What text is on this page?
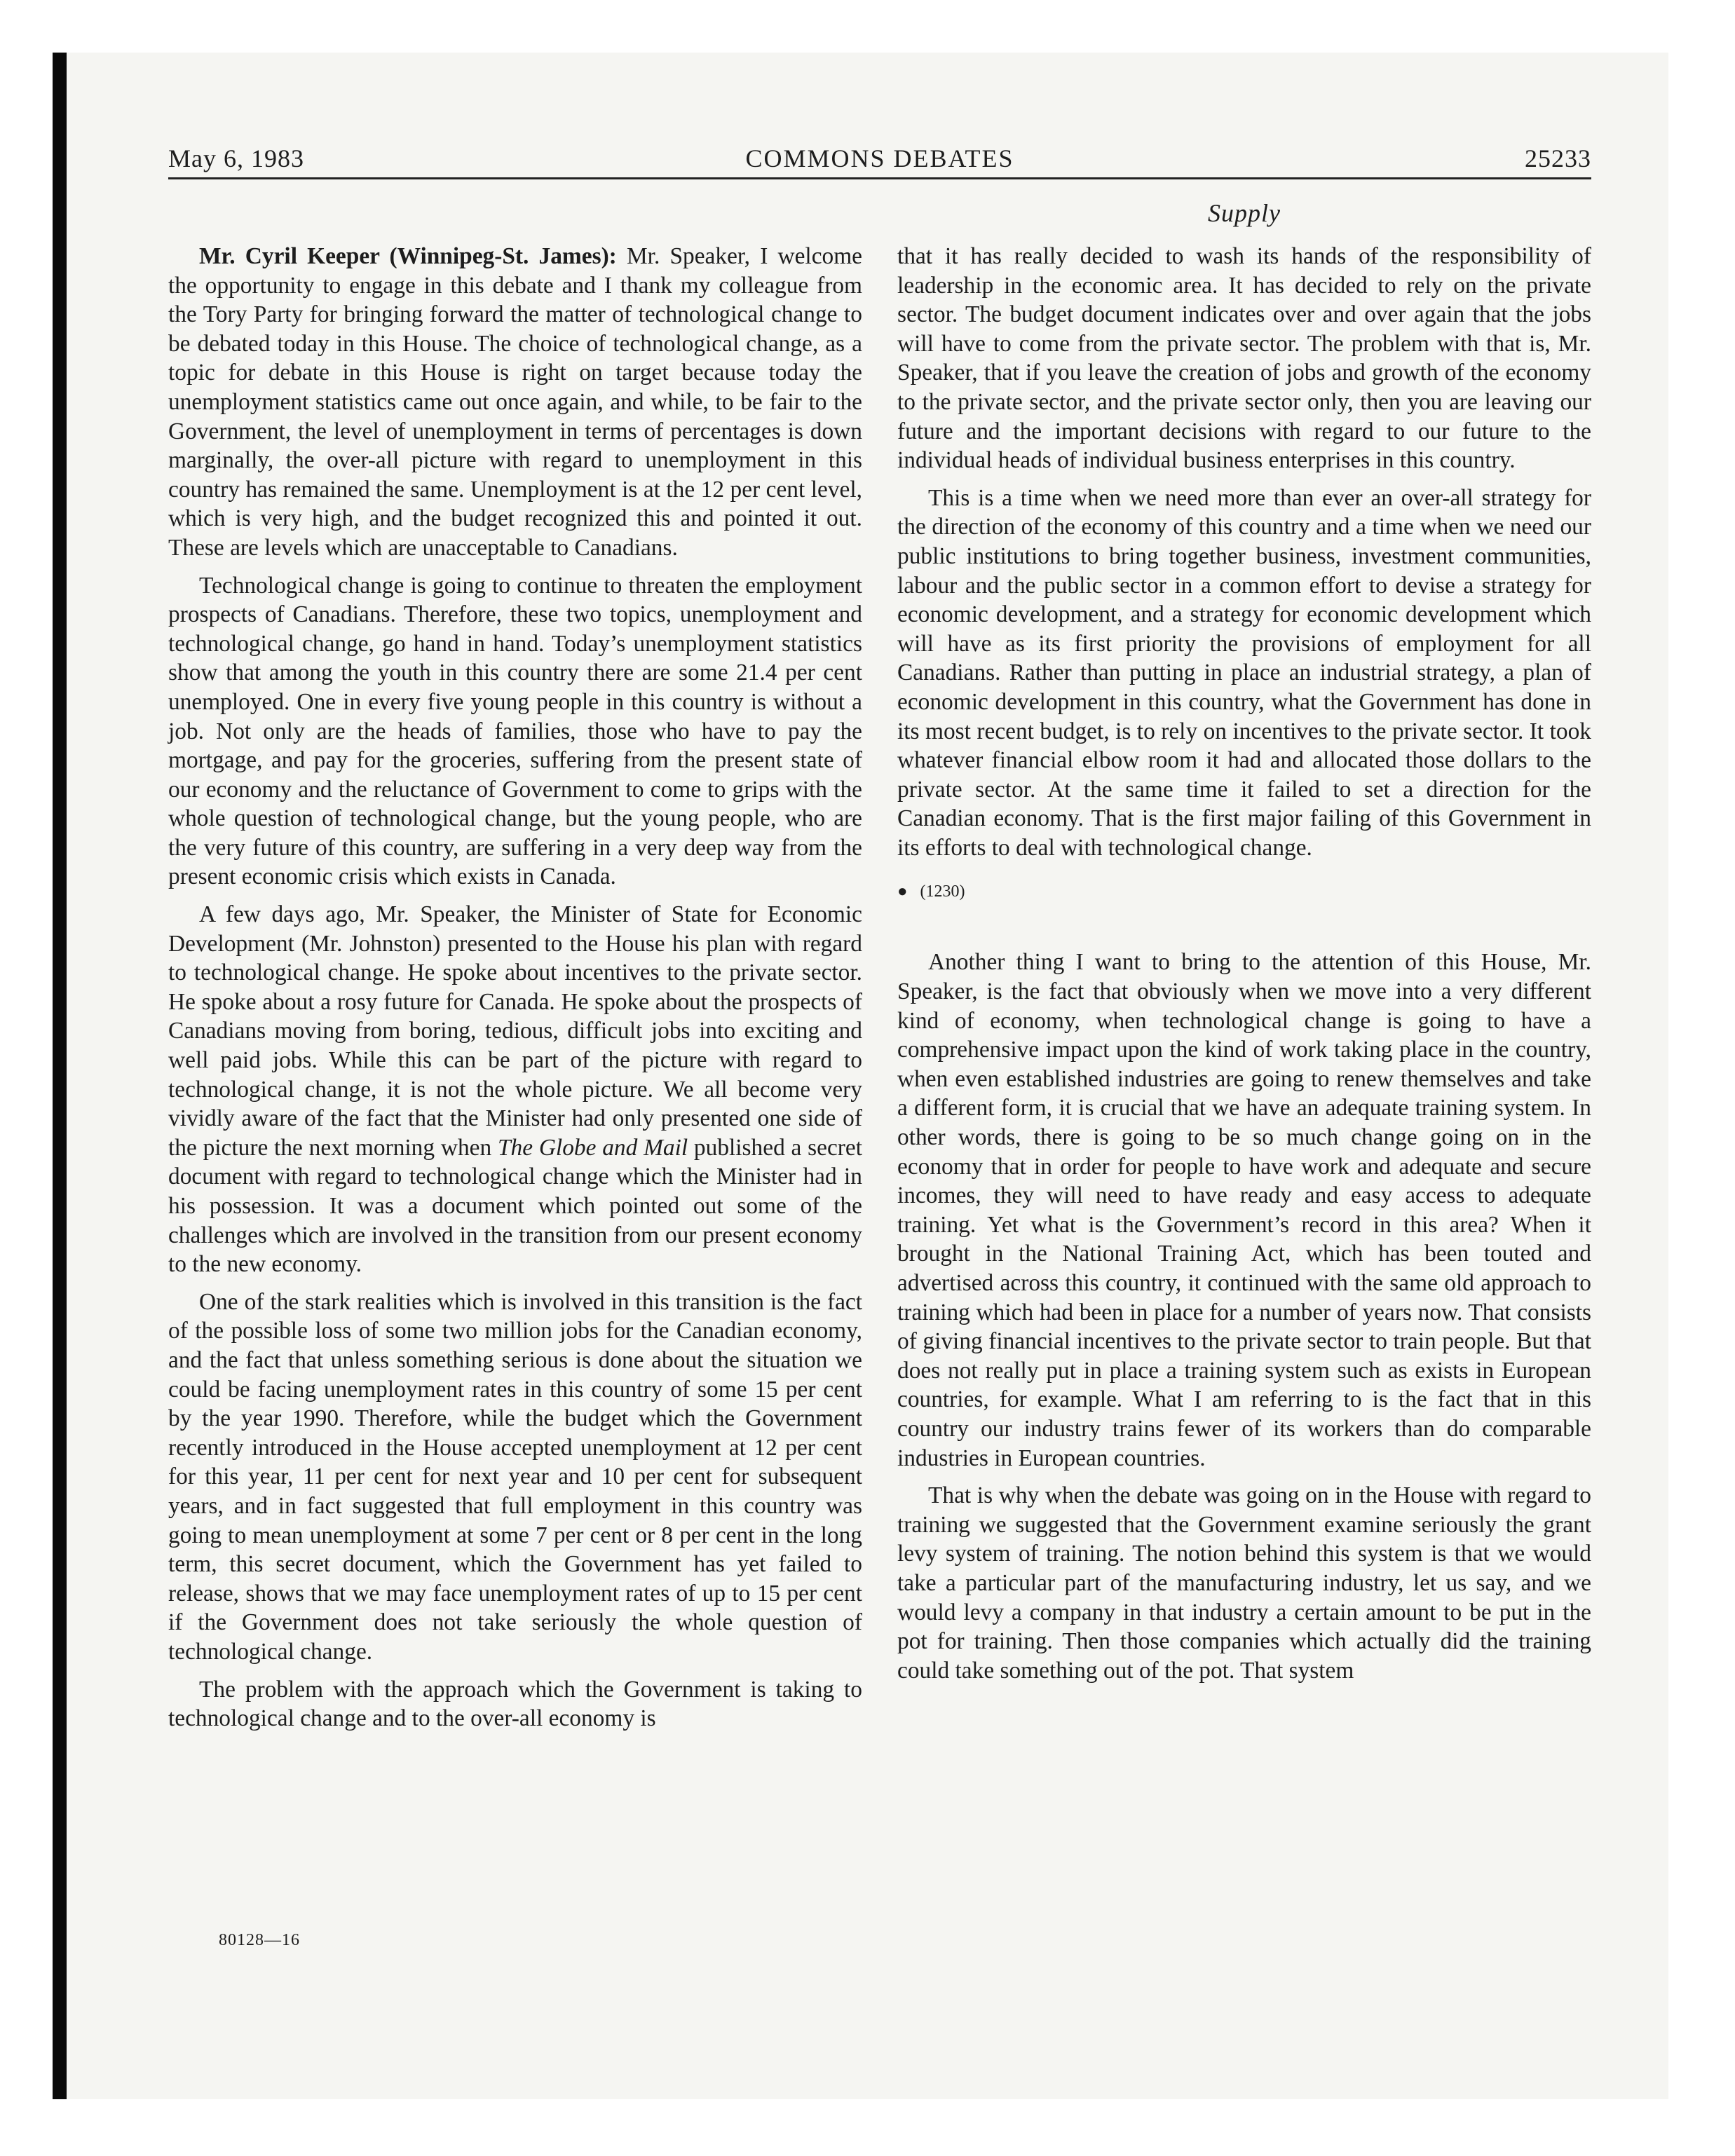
May 6, 1983	COMMONS DEBATES	25233
Supply

Mr. Cyril Keeper (Winnipeg-St. James): Mr. Speaker, I welcome the opportunity to engage in this debate and I thank my colleague from the Tory Party for bringing forward the matter of technological change to be debated today in this House. The choice of technological change, as a topic for debate in this House is right on target because today the unemployment statistics came out once again, and while, to be fair to the Government, the level of unemployment in terms of percentages is down marginally, the over-all picture with regard to unemployment in this country has remained the same. Unemployment is at the 12 per cent level, which is very high, and the budget recognized this and pointed it out. These are levels which are unacceptable to Canadians.

Technological change is going to continue to threaten the employment prospects of Canadians. Therefore, these two topics, unemployment and technological change, go hand in hand. Today’s unemployment statistics show that among the youth in this country there are some 21.4 per cent unemployed. One in every five young people in this country is without a job. Not only are the heads of families, those who have to pay the mortgage, and pay for the groceries, suffering from the present state of our economy and the reluctance of Government to come to grips with the whole question of technological change, but the young people, who are the very future of this country, are suffering in a very deep way from the present economic crisis which exists in Canada.

A few days ago, Mr. Speaker, the Minister of State for Economic Development (Mr. Johnston) presented to the House his plan with regard to technological change. He spoke about incentives to the private sector. He spoke about a rosy future for Canada. He spoke about the prospects of Canadians moving from boring, tedious, difficult jobs into exciting and well paid jobs. While this can be part of the picture with regard to technological change, it is not the whole picture. We all become very vividly aware of the fact that the Minister had only presented one side of the picture the next morning when The Globe and Mail published a secret document with regard to technological change which the Minister had in his possession. It was a document which pointed out some of the challenges which are involved in the transition from our present economy to the new economy.

One of the stark realities which is involved in this transition is the fact of the possible loss of some two million jobs for the Canadian economy, and the fact that unless something serious is done about the situation we could be facing unemployment rates in this country of some 15 per cent by the year 1990. Therefore, while the budget which the Government recently introduced in the House accepted unemployment at 12 per cent for this year, 11 per cent for next year and 10 per cent for subsequent years, and in fact suggested that full employment in this country was going to mean unemployment at some 7 per cent or 8 per cent in the long term, this secret document, which the Government has yet failed to release, shows that we may face unemployment rates of up to 15 per cent if the Government does not take seriously the whole question of technological change.

The problem with the approach which the Government is taking to technological change and to the over-all economy is

that it has really decided to wash its hands of the responsibility of leadership in the economic area. It has decided to rely on the private sector. The budget document indicates over and over again that the jobs will have to come from the private sector. The problem with that is, Mr. Speaker, that if you leave the creation of jobs and growth of the economy to the private sector, and the private sector only, then you are leaving our future and the important decisions with regard to our future to the individual heads of individual business enterprises in this country.

This is a time when we need more than ever an over-all strategy for the direction of the economy of this country and a time when we need our public institutions to bring together business, investment communities, labour and the public sector in a common effort to devise a strategy for economic development, and a strategy for economic development which will have as its first priority the provisions of employment for all Canadians. Rather than putting in place an industrial strategy, a plan of economic development in this country, what the Government has done in its most recent budget, is to rely on incentives to the private sector. It took whatever financial elbow room it had and allocated those dollars to the private sector. At the same time it failed to set a direction for the Canadian economy. That is the first major failing of this Government in its efforts to deal with technological change.

● (1230)

Another thing I want to bring to the attention of this House, Mr. Speaker, is the fact that obviously when we move into a very different kind of economy, when technological change is going to have a comprehensive impact upon the kind of work taking place in the country, when even established industries are going to renew themselves and take a different form, it is crucial that we have an adequate training system. In other words, there is going to be so much change going on in the economy that in order for people to have work and adequate and secure incomes, they will need to have ready and easy access to adequate training. Yet what is the Government’s record in this area? When it brought in the National Training Act, which has been touted and advertised across this country, it continued with the same old approach to training which had been in place for a number of years now. That consists of giving financial incentives to the private sector to train people. But that does not really put in place a training system such as exists in European countries, for example. What I am referring to is the fact that in this country our industry trains fewer of its workers than do comparable industries in European countries.

That is why when the debate was going on in the House with regard to training we suggested that the Government examine seriously the grant levy system of training. The notion behind this system is that we would take a particular part of the manufacturing industry, let us say, and we would levy a company in that industry a certain amount to be put in the pot for training. Then those companies which actually did the training could take something out of the pot. That system

80128—16
